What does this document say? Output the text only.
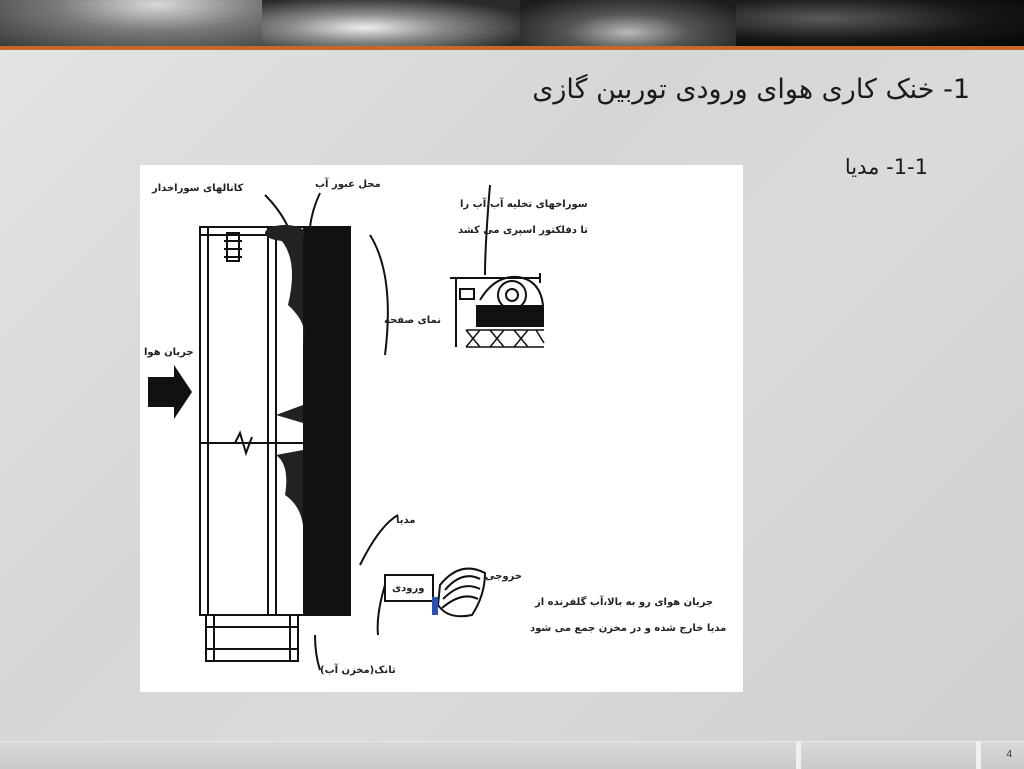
1- خنک کاری هوای ورودی توربین گازی
1-1- مدیا
کانالهای سوراخدار	محل عبور آب
سوراخهای تخلیه آب،آب را
تا دفلکتور اسپری می کشد
نمای صفحه
جریان هوا
مدیا
خروجی
ورودی
جریان هوای رو به بالا،آب گلفرنده از
مدیا خارج شده و در مخزن جمع می شود
تانک(مخزن آب)
4
